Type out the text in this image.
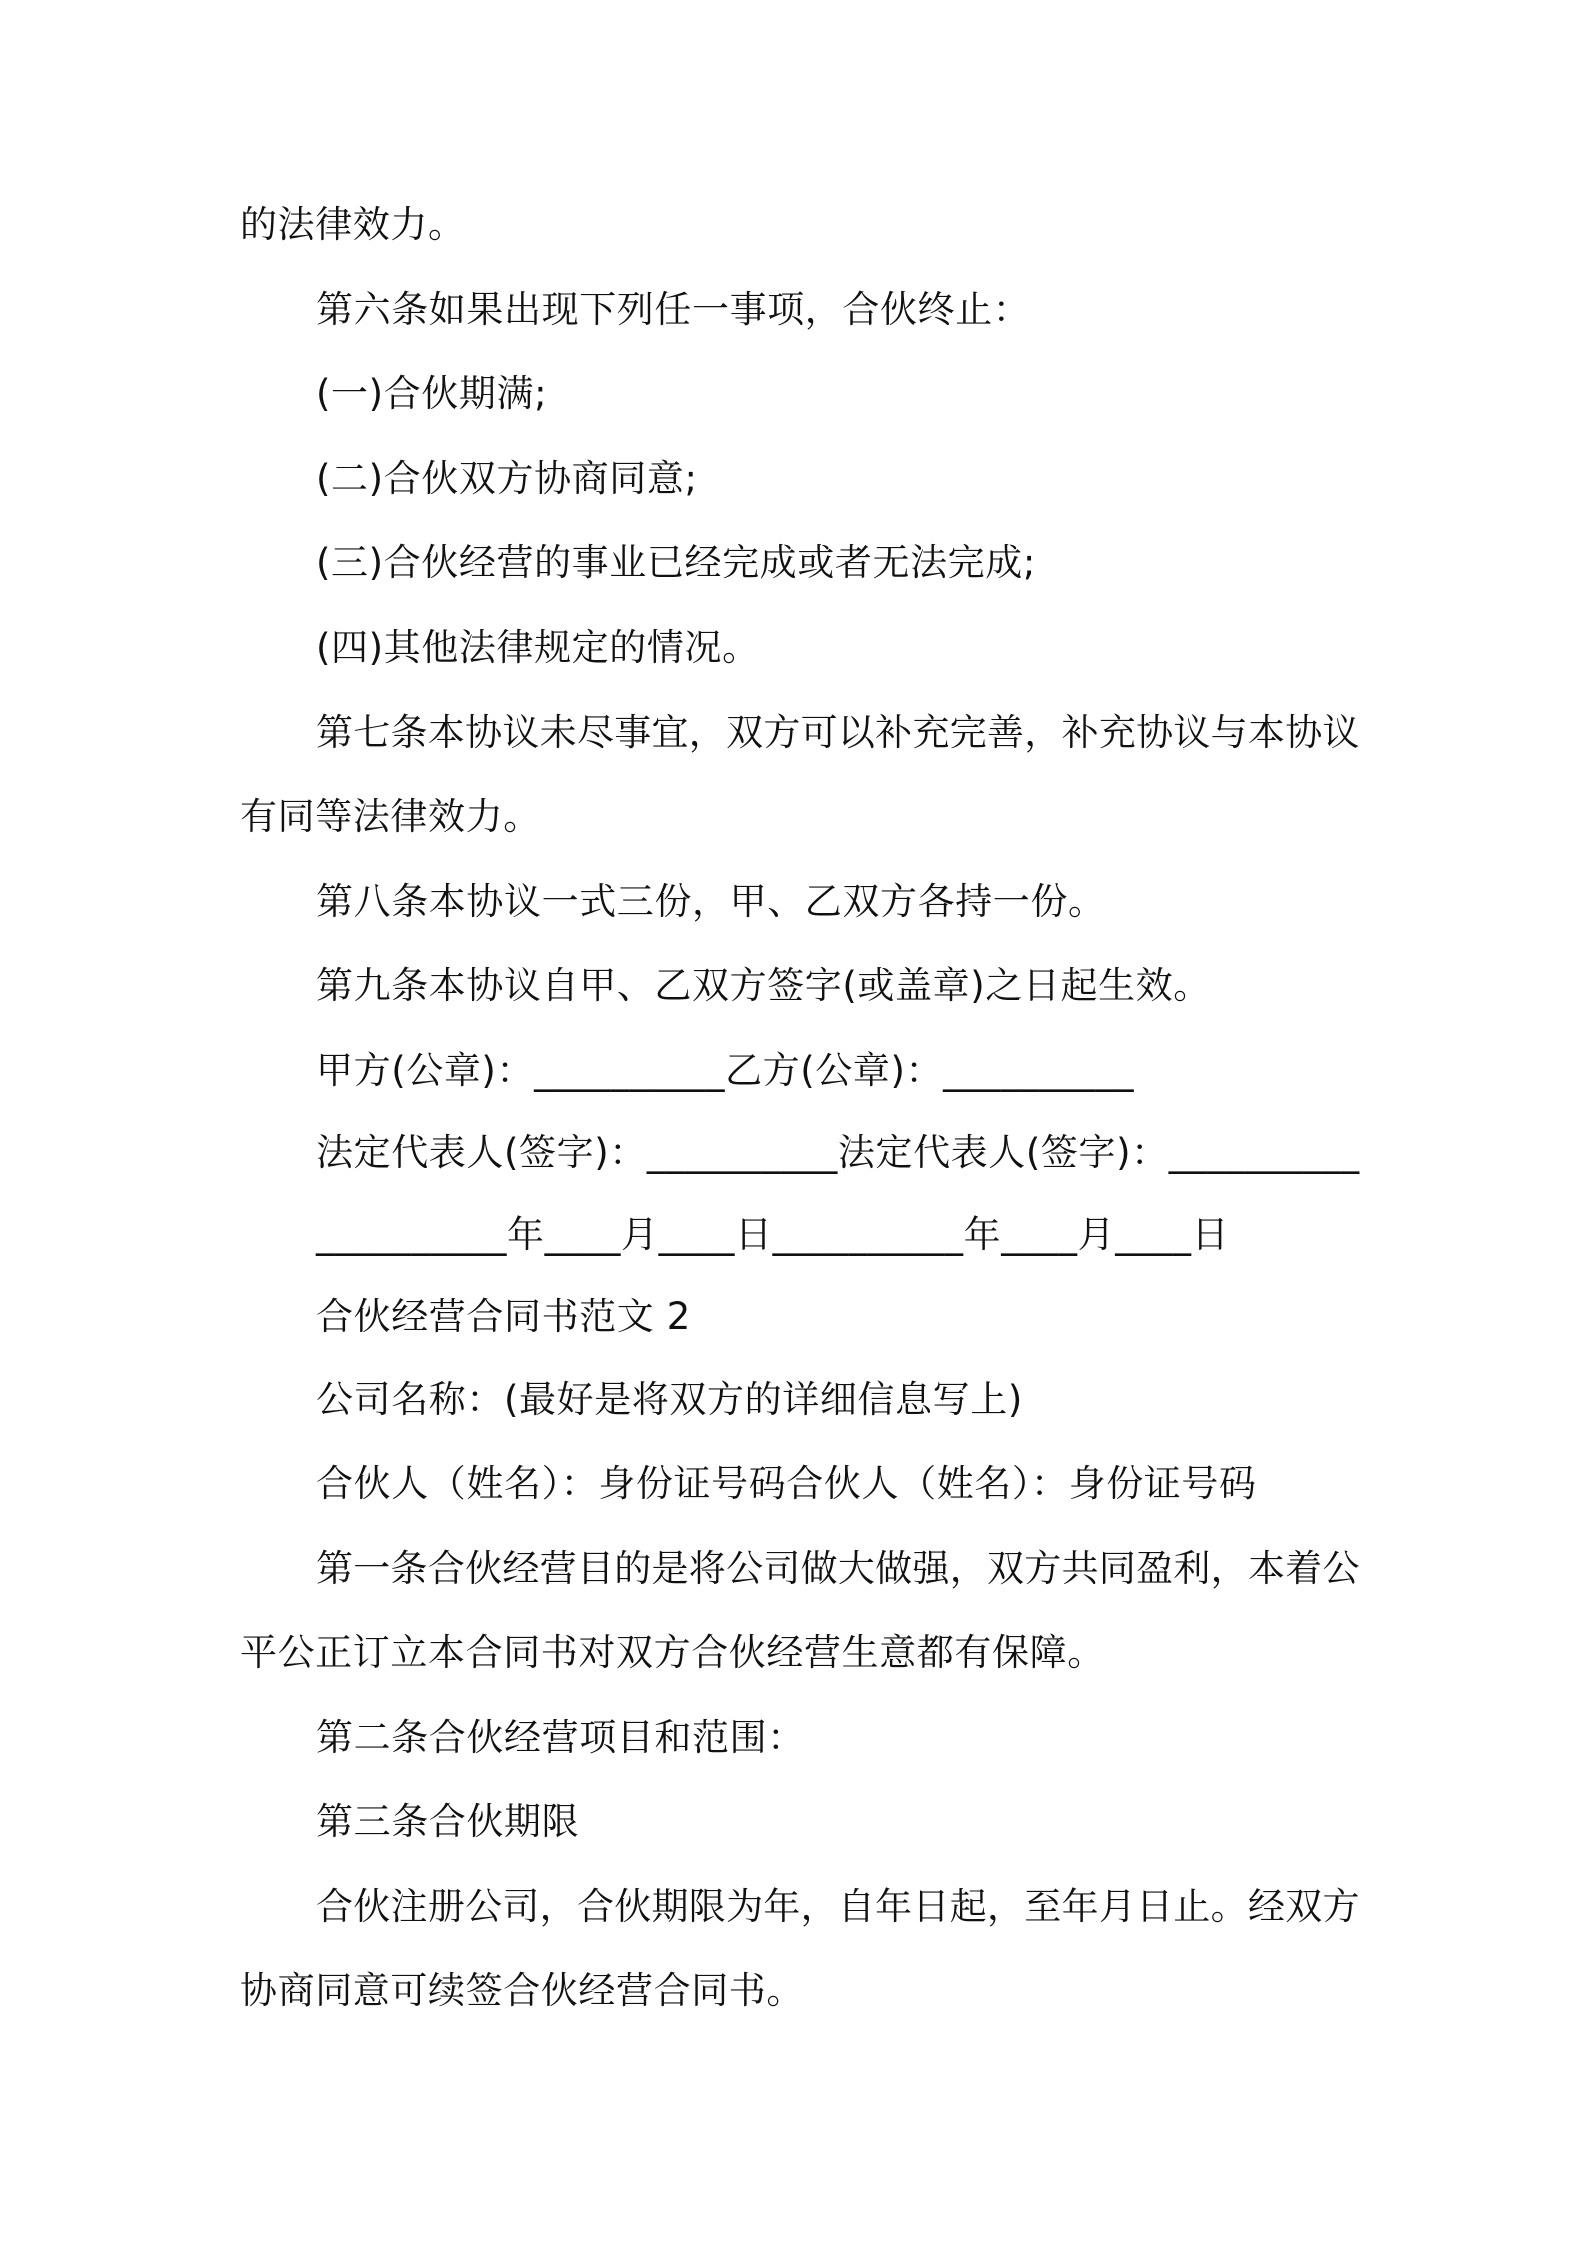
的法律效力。

第六条如果出现下列任一事项，合伙终止：

(一)合伙期满;

(二)合伙双方协商同意;

(三)合伙经营的事业已经完成或者无法完成;

(四)其他法律规定的情况。

第七条本协议未尽事宜，双方可以补充完善，补充协议与本协议

有同等法律效力。

第八条本协议一式三份，甲、乙双方各持一份。

第九条本协议自甲、乙双方签字(或盖章)之日起生效。

甲方(公章)：__________乙方(公章)：__________

法定代表人(签字)：__________法定代表人(签字)：__________

__________年____月____日__________年____月____日

合伙经营合同书范文 2

公司名称：(最好是将双方的详细信息写上)

合伙人（姓名）：身份证号码合伙人（姓名）：身份证号码

第一条合伙经营目的是将公司做大做强，双方共同盈利，本着公

平公正订立本合同书对双方合伙经营生意都有保障。

第二条合伙经营项目和范围：

第三条合伙期限

合伙注册公司，合伙期限为年，自年日起，至年月日止。经双方

协商同意可续签合伙经营合同书。
